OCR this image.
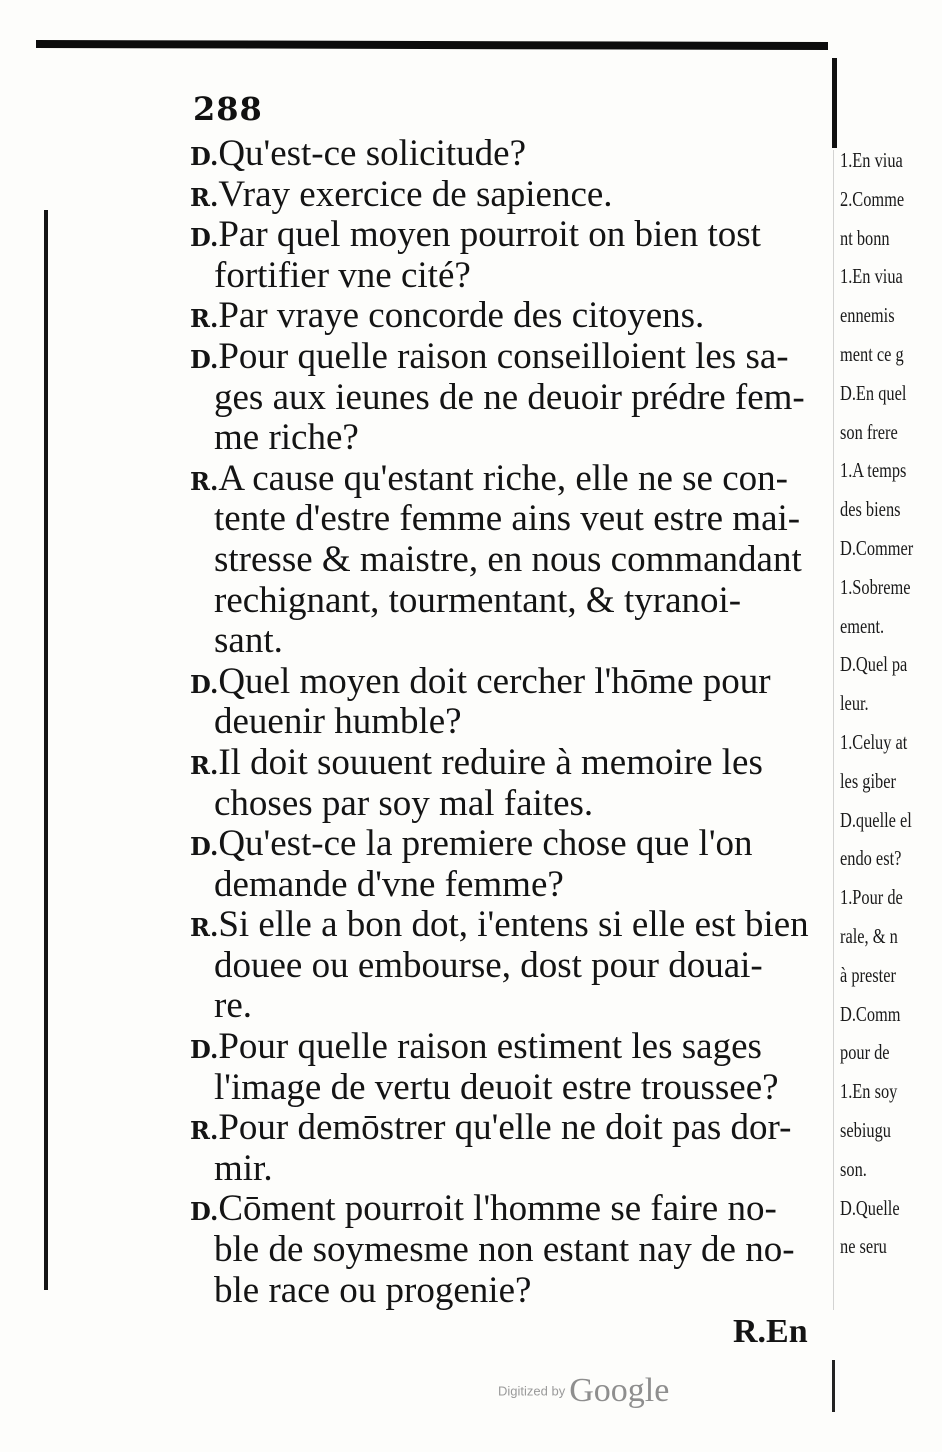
288
D.Qu'est-ce solicitude?
R.Vray exercice de sapience.
D.Par quel moyen pourroit on bien tost
fortifier vne cité?
R.Par vraye concorde des citoyens.
D.Pour quelle raison conseilloient les sa-
ges aux ieunes de ne deuoir prédre fem-
me riche?
R.A cause qu'estant riche, elle ne se con-
tente d'estre femme ains veut estre mai-
stresse & maistre, en nous commandant
rechignant, tourmentant, & tyranoi-
sant.
D.Quel moyen doit cercher l'hōme pour
deuenir humble?
R.Il doit souuent reduire à memoire les
choses par soy mal faites.
D.Qu'est-ce la premiere chose que l'on
demande d'vne femme?
R.Si elle a bon dot, i'entens si elle est bien
douee ou embourse, dost pour douai-
re.
D.Pour quelle raison estiment les sages
l'image de vertu deuoit estre troussee?
R.Pour demōstrer qu'elle ne doit pas dor-
mir.
D.Cōment pourroit l'homme se faire no-
ble de soymesme non estant nay de no-
ble race ou progenie?
R.En
1.En viua
2.Comme
nt bonn
1.En viua
ennemis
ment ce g
D.En quel
son frere
1.A temps
des biens
D.Commer
1.Sobreme
ement.
D.Quel pa
leur.
1.Celuy at
les giber
D.quelle el
endo est?
1.Pour de
rale, & n
à prester
D.Comm
pour de
1.En soy
sebiugu
son.
D.Quelle
ne seru
Digitized by Google
